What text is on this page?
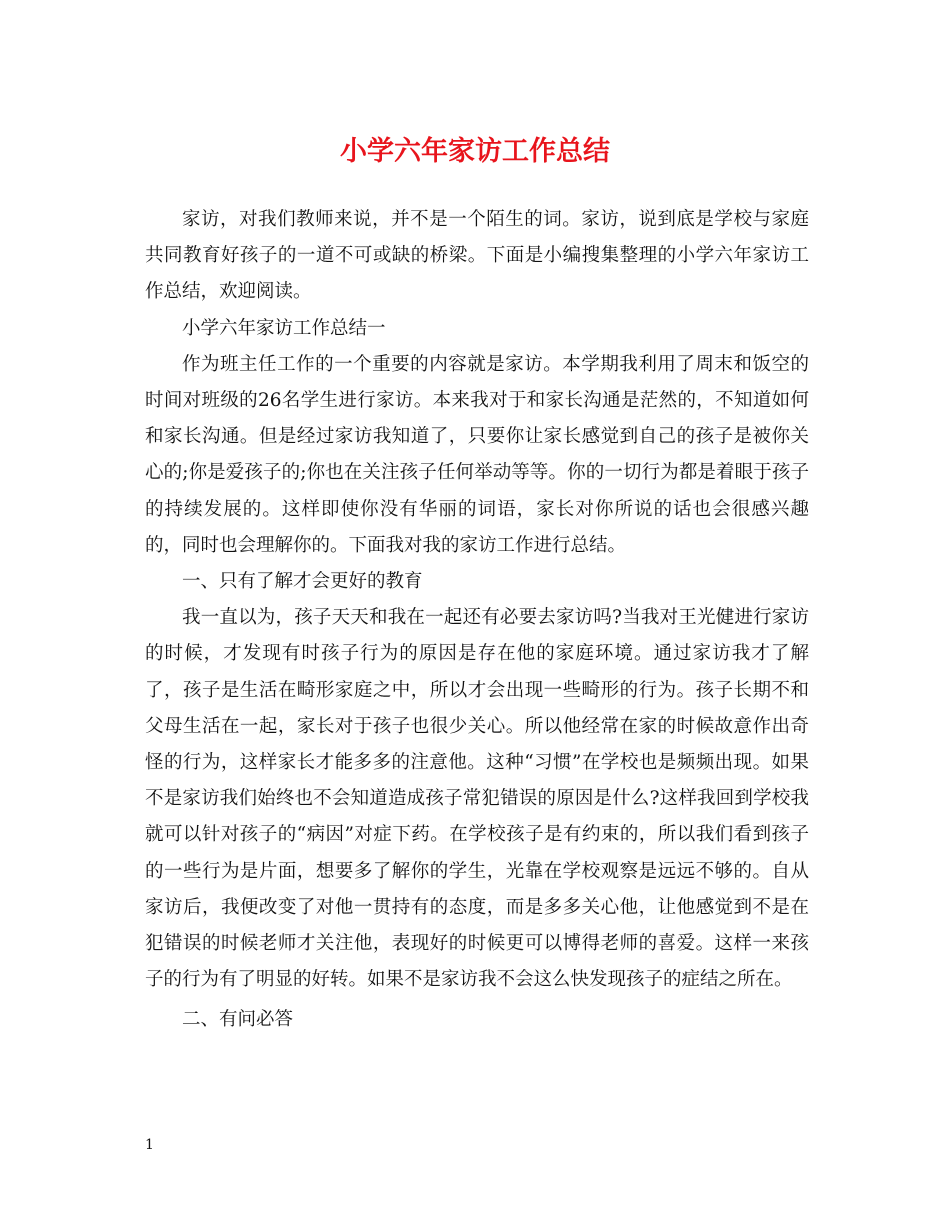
小学六年家访工作总结

家访，对我们教师来说，并不是一个陌生的词。家访，说到底是学校与家庭共同教育好孩子的一道不可或缺的桥梁。下面是小编搜集整理的小学六年家访工作总结，欢迎阅读。

小学六年家访工作总结一

作为班主任工作的一个重要的内容就是家访。本学期我利用了周末和饭空的时间对班级的26名学生进行家访。本来我对于和家长沟通是茫然的，不知道如何和家长沟通。但是经过家访我知道了，只要你让家长感觉到自己的孩子是被你关心的;你是爱孩子的;你也在关注孩子任何举动等等。你的一切行为都是着眼于孩子的持续发展的。这样即使你没有华丽的词语，家长对你所说的话也会很感兴趣的，同时也会理解你的。下面我对我的家访工作进行总结。

一、只有了解才会更好的教育

我一直以为，孩子天天和我在一起还有必要去家访吗?当我对王光健进行家访的时候，才发现有时孩子行为的原因是存在他的家庭环境。通过家访我才了解了，孩子是生活在畸形家庭之中，所以才会出现一些畸形的行为。孩子长期不和父母生活在一起，家长对于孩子也很少关心。所以他经常在家的时候故意作出奇怪的行为，这样家长才能多多的注意他。这种“习惯”在学校也是频频出现。如果不是家访我们始终也不会知道造成孩子常犯错误的原因是什么?这样我回到学校我就可以针对孩子的“病因”对症下药。在学校孩子是有约束的，所以我们看到孩子的一些行为是片面，想要多了解你的学生，光靠在学校观察是远远不够的。自从家访后，我便改变了对他一贯持有的态度，而是多多关心他，让他感觉到不是在犯错误的时候老师才关注他，表现好的时候更可以博得老师的喜爱。这样一来孩子的行为有了明显的好转。如果不是家访我不会这么快发现孩子的症结之所在。

二、有问必答

1
